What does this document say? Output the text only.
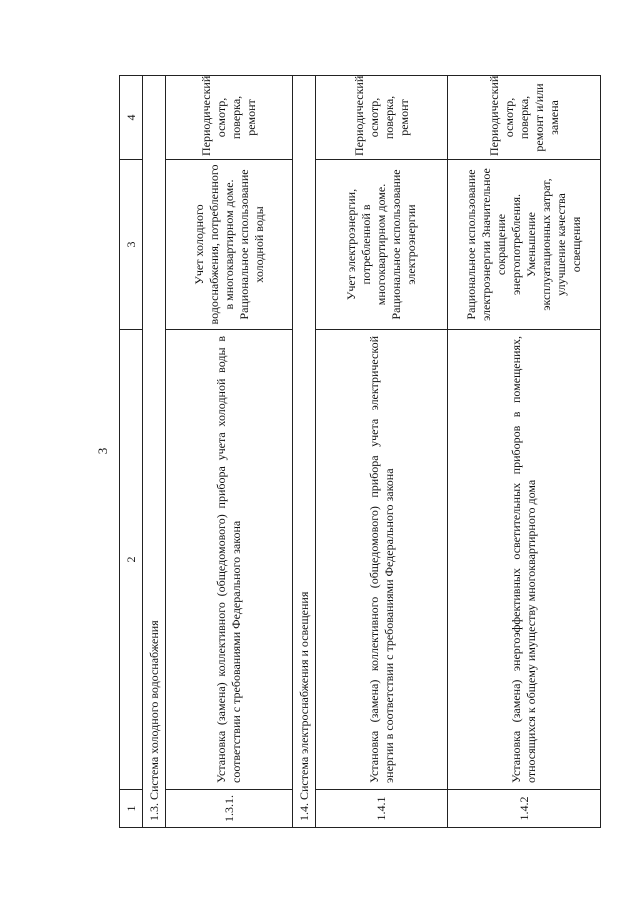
3
1	2	3	4
1.3. Система холодного водоснабжения			
1.3.1.	Установка (замена) коллективного (общедомового) прибора учета холодной воды в соответствии с требованиями Федерального закона	Учет холодного водоснабжения, потребленного в многоквартирном доме. Рациональное использование холодной воды	Периодический осмотр, поверка, ремонт
1.4. Система электроснабжения и освещения			
1.4.1	Установка (замена) коллективного (общедомового) прибора учета электрической энергии в соответствии с требованиями Федерального закона	Учет электроэнергии, потребленной в многоквартирном доме. Рациональное использование электроэнергии	Периодический осмотр, поверка, ремонт
1.4.2	Установка (замена) энергоэффективных осветительных приборов в помещениях, относящихся к общему имуществу многоквартирного дома	Рациональное использование электроэнергии Значительное сокращение энергопотребления. Уменьшение эксплуатационных затрат, улучшение качества освещения	Периодический осмотр, поверка, ремонт и/или замена
